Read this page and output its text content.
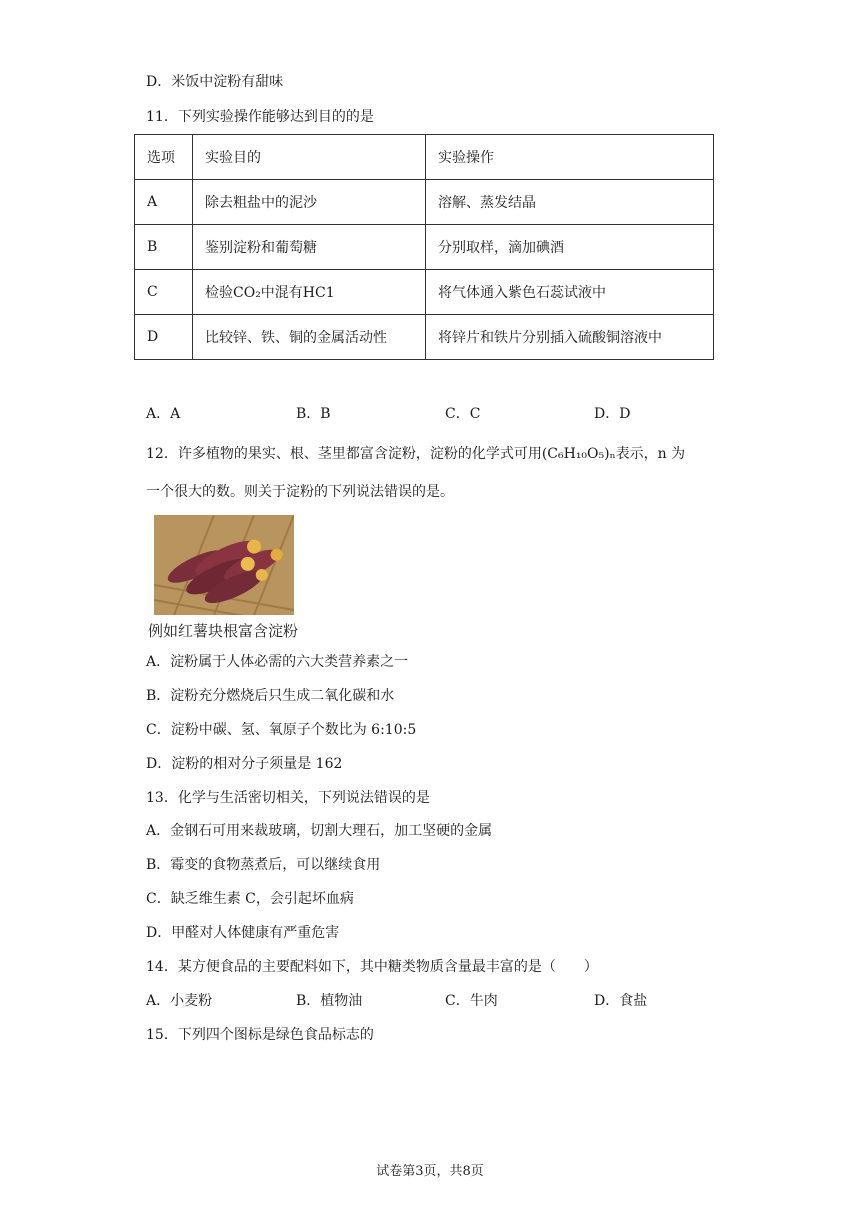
D．米饭中淀粉有甜味
11．下列实验操作能够达到目的的是
选项	实验目的	实验操作
A	除去粗盐中的泥沙	溶解、蒸发结晶
B	鉴别淀粉和葡萄糖	分别取样，滴加碘酒
C	检验CO₂中混有HC1	将气体通入紫色石蕊试液中
D	比较锌、铁、铜的金属活动性	将锌片和铁片分别插入硫酸铜溶液中
A．A	B．B	C．C	D．D
12．许多植物的果实、根、茎里都富含淀粉，淀粉的化学式可用(C₆H₁₀O₅)ₙ表示，n 为
一个很大的数。则关于淀粉的下列说法错误的是。
例如红薯块根富含淀粉
A．淀粉属于人体必需的六大类营养素之一
B．淀粉充分燃烧后只生成二氧化碳和水
C．淀粉中碳、氢、氧原子个数比为 6:10:5
D．淀粉的相对分子须量是 162
13．化学与生活密切相关，下列说法错误的是
A．金钢石可用来裁玻璃，切割大理石，加工坚硬的金属
B．霉变的食物蒸煮后，可以继续食用
C．缺乏维生素 C，会引起坏血病
D．甲醛对人体健康有严重危害
14．某方便食品的主要配料如下，其中糖类物质含量最丰富的是（　　）
A．小麦粉	B．植物油	C．牛肉	D．食盐
15．下列四个图标是绿色食品标志的
试卷第3页，共8页
